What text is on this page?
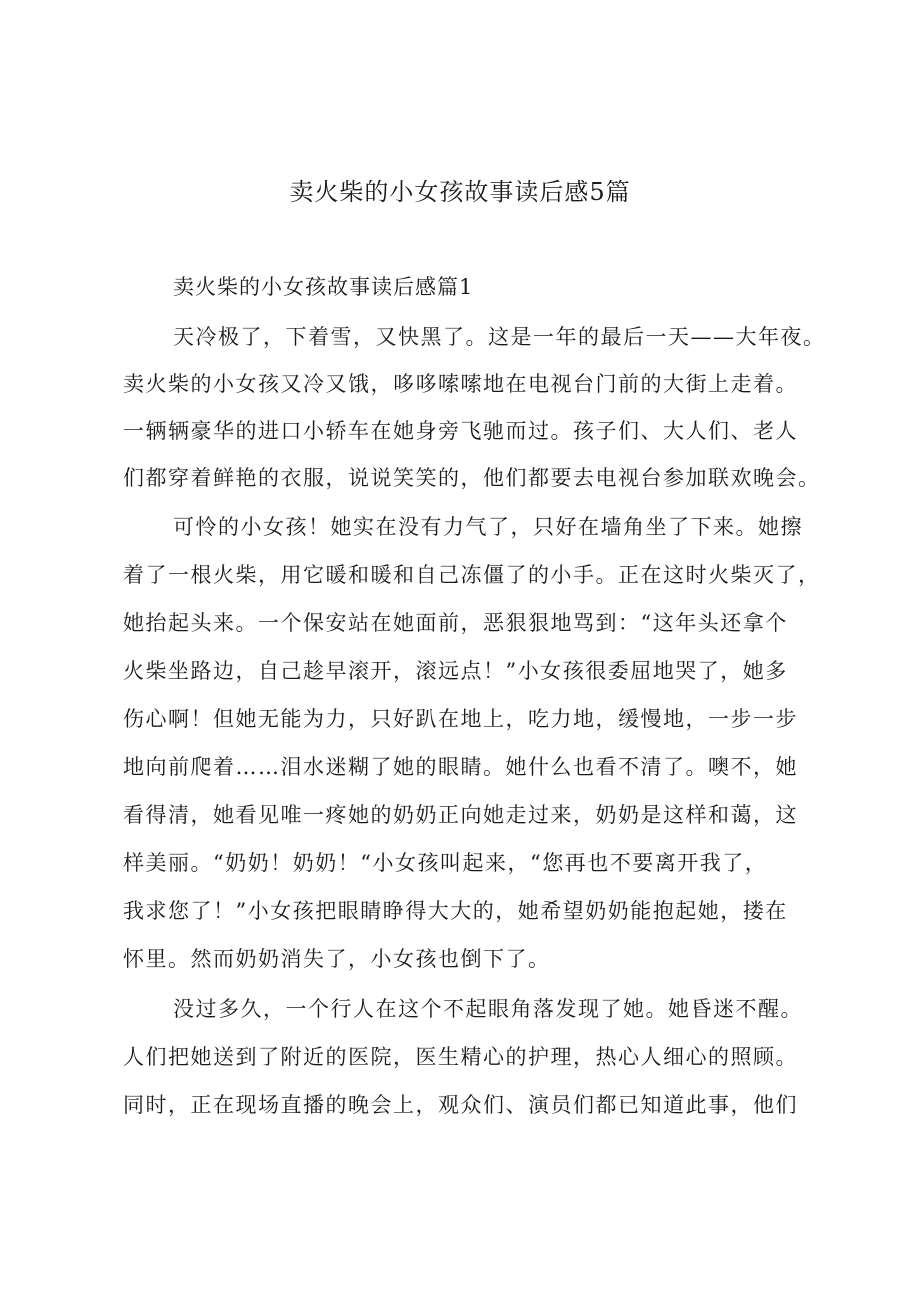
卖火柴的小女孩故事读后感5篇
卖火柴的小女孩故事读后感篇1
天冷极了，下着雪，又快黑了。这是一年的最后一天——大年夜。
卖火柴的小女孩又冷又饿，哆哆嗦嗦地在电视台门前的大街上走着。
一辆辆豪华的进口小轿车在她身旁飞驰而过。孩子们、大人们、老人
们都穿着鲜艳的衣服，说说笑笑的，他们都要去电视台参加联欢晚会。
可怜的小女孩！她实在没有力气了，只好在墙角坐了下来。她擦
着了一根火柴，用它暖和暖和自己冻僵了的小手。正在这时火柴灭了，
她抬起头来。一个保安站在她面前，恶狠狠地骂到：“这年头还拿个
火柴坐路边，自己趁早滚开，滚远点！”小女孩很委屈地哭了，她多
伤心啊！但她无能为力，只好趴在地上，吃力地，缓慢地，一步一步
地向前爬着……泪水迷糊了她的眼睛。她什么也看不清了。噢不，她
看得清，她看见唯一疼她的奶奶正向她走过来，奶奶是这样和蔼，这
样美丽。“奶奶！奶奶！“小女孩叫起来，“您再也不要离开我了，
我求您了！”小女孩把眼睛睁得大大的，她希望奶奶能抱起她，搂在
怀里。然而奶奶消失了，小女孩也倒下了。
没过多久，一个行人在这个不起眼角落发现了她。她昏迷不醒。
人们把她送到了附近的医院，医生精心的护理，热心人细心的照顾。
同时，正在现场直播的晚会上，观众们、演员们都已知道此事，他们
